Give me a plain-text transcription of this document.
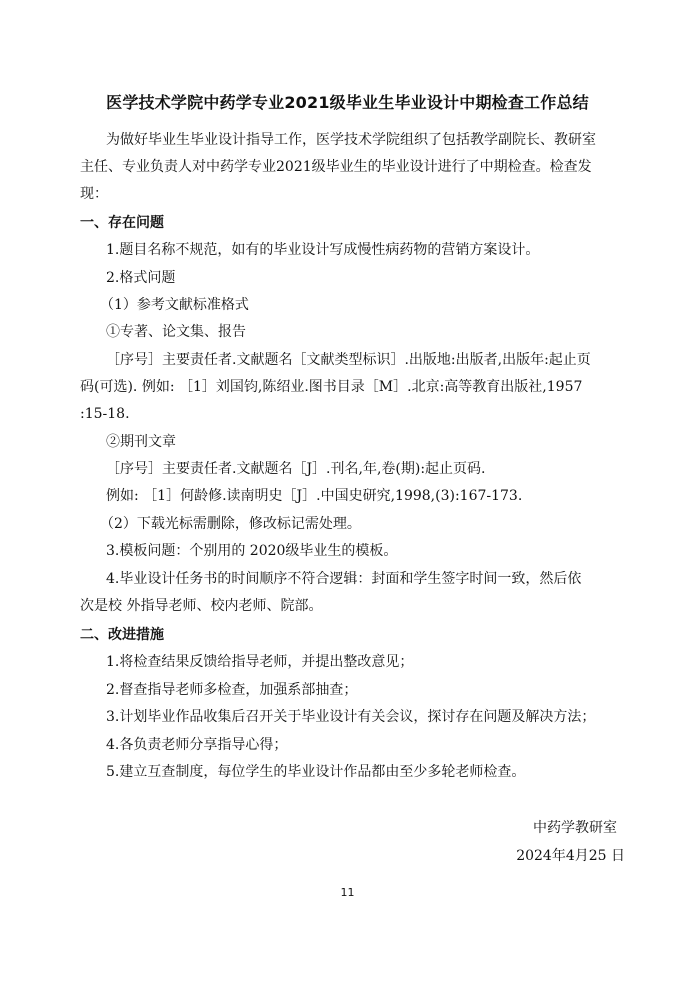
医学技术学院中药学专业2021级毕业生毕业设计中期检查工作总结
为做好毕业生毕业设计指导工作，医学技术学院组织了包括教学副院长、教研室
主任、专业负责人对中药学专业2021级毕业生的毕业设计进行了中期检查。检查发
现：
一、存在问题
1.题目名称不规范，如有的毕业设计写成慢性病药物的营销方案设计。
2.格式问题
（1）参考文献标准格式
①专著、论文集、报告
［序号］主要责任者.文献题名［文献类型标识］.出版地:出版者,出版年:起止页
码(可选). 例如: ［1］刘国钧,陈绍业.图书目录［M］.北京:高等教育出版社,1957
:15-18.
②期刊文章
［序号］主要责任者.文献题名［J］.刊名,年,卷(期):起止页码.
例如: ［1］何龄修.读南明史［J］.中国史研究,1998,(3):167-173.
（2）下载光标需删除，修改标记需处理。
3.模板问题：个别用的 2020级毕业生的模板。
4.毕业设计任务书的时间顺序不符合逻辑：封面和学生签字时间一致，然后依
次是校 外指导老师、校内老师、院部。
二、改进措施
1.将检查结果反馈给指导老师，并提出整改意见；
2.督查指导老师多检查，加强系部抽查；
3.计划毕业作品收集后召开关于毕业设计有关会议，探讨存在问题及解决方法；
4.各负责老师分享指导心得；
5.建立互查制度，每位学生的毕业设计作品都由至少多轮老师检查。
中药学教研室
2024年4月25 日
11
